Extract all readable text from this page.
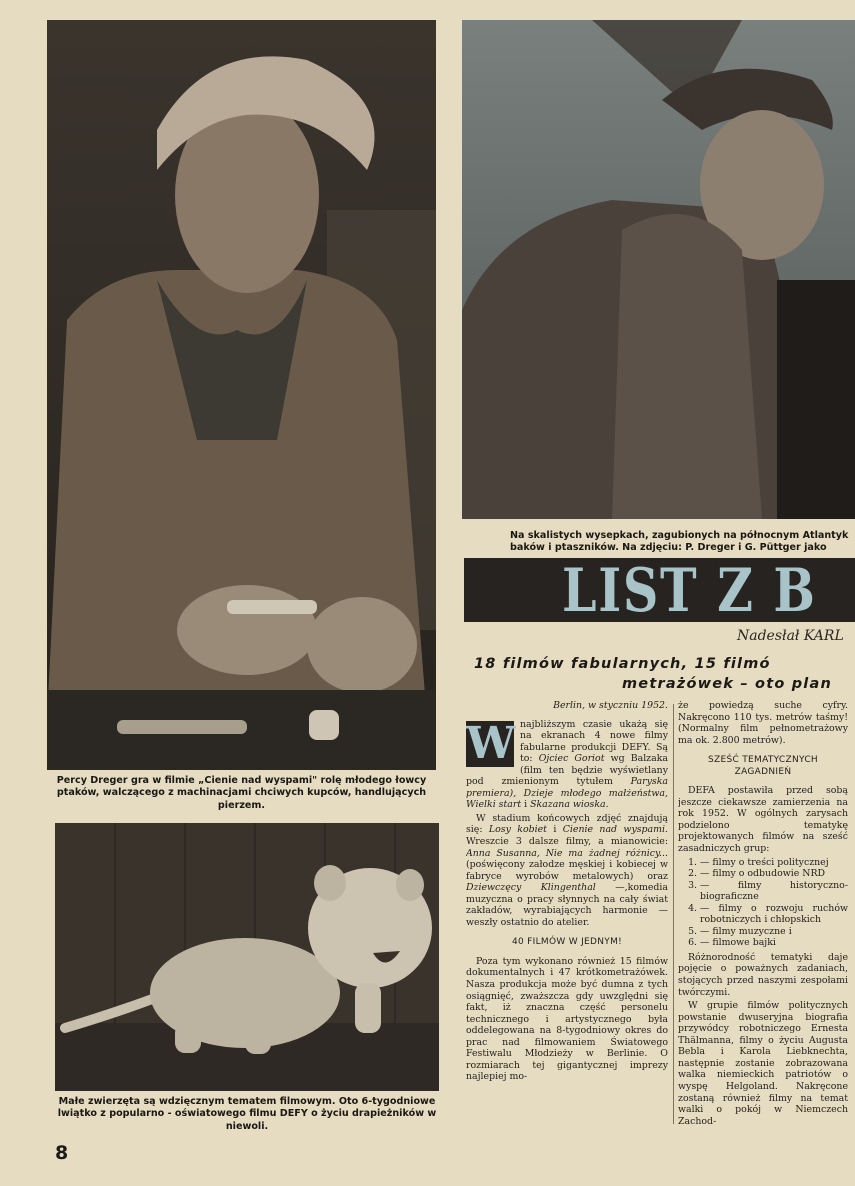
Percy Dreger gra w filmie „Cienie nad wyspami" rolę młodego łowcy ptaków, walczącego z machinacjami chciwych kupców, handlujących pierzem.
Małe zwierzęta są wdzięcznym tematem filmowym. Oto 6-tygodniowe lwiątko z popularno - oświatowego filmu DEFY o życiu drapieżników w niewoli.
Na skalistych wysepkach, zagubionych na północnym Atlantyk
baków i ptaszników. Na zdjęciu: P. Dreger i G. Püttger jako
LIST Z B
Nadesłał KARL
18 filmów fabularnych, 15 filmó
metrażówek – oto plan
Berlin, w styczniu 1952.

W najbliższym czasie ukażą się na ekranach 4 nowe filmy fabularne produkcji DEFY. Są to: Ojciec Goriot wg Balzaka (film ten będzie wyświetlany pod zmienionym tytułem Paryska premiera), Dzieje młodego małżeństwa, Wielki start i Skazana wioska.

W stadium końcowych zdjęć znajdują się: Losy kobiet i Cienie nad wyspami. Wreszcie 3 dalsze filmy, a mianowicie: Anna Susanna, Nie ma żadnej różnicy... (poświęcony załodze męskiej i kobiecej w fabryce wyrobów metalowych) oraz Dziewczęcy Klingenthal —,komedia muzyczna o pracy słynnych na cały świat zakładów, wyrabiających harmonie — weszły ostatnio do atelier.

40 FILMÓW W JEDNYM!

Poza tym wykonano również 15 filmów dokumentalnych i 47 krótkometrażówek. Nasza produkcja może być dumna z tych osiągnięć, zważszcza gdy uwzględni się fakt, iż znaczna część personelu technicznego i artystycznego była oddelegowana na 8-tygodniowy okres do prac nad filmowaniem Światowego Festiwalu Młodzieży w Berlinie. O rozmiarach tej gigantycznej imprezy najlepiej mo-

że powiedzą suche cyfry. Nakręcono 110 tys. metrów taśmy! (Normalny film pełnometrażowy ma ok. 2.800 metrów).

SZEŚĆ TEMATYCZNYCH
ZAGADNIEŃ

DEFA postawiła przed sobą jeszcze ciekawsze zamierzenia na rok 1952. W ogólnych zarysach podzielono tematykę projektowanych filmów na sześć zasadniczych grup:

1. — filmy o treści politycznej
2. — filmy o odbudowie NRD
3. — filmy historyczno-biograficzne
4. — filmy o rozwoju ruchów robotniczych i chłopskich
5. — filmy muzyczne i
6. — filmowe bajki

Różnorodność tematyki daje pojęcie o poważnych zadaniach, stojących przed naszymi zespołami twórczymi.

W grupie filmów politycznych powstanie dwuseryjna biografia przywódcy robotniczego Ernesta Thälmanna, filmy o życiu Augusta Bebla i Karola Liebknechta, następnie zostanie zobrazowana walka niemieckich patriotów o wyspę Helgoland. Nakręcone zostaną również filmy na temat walki o pokój w Niemczech Zachod-

8
